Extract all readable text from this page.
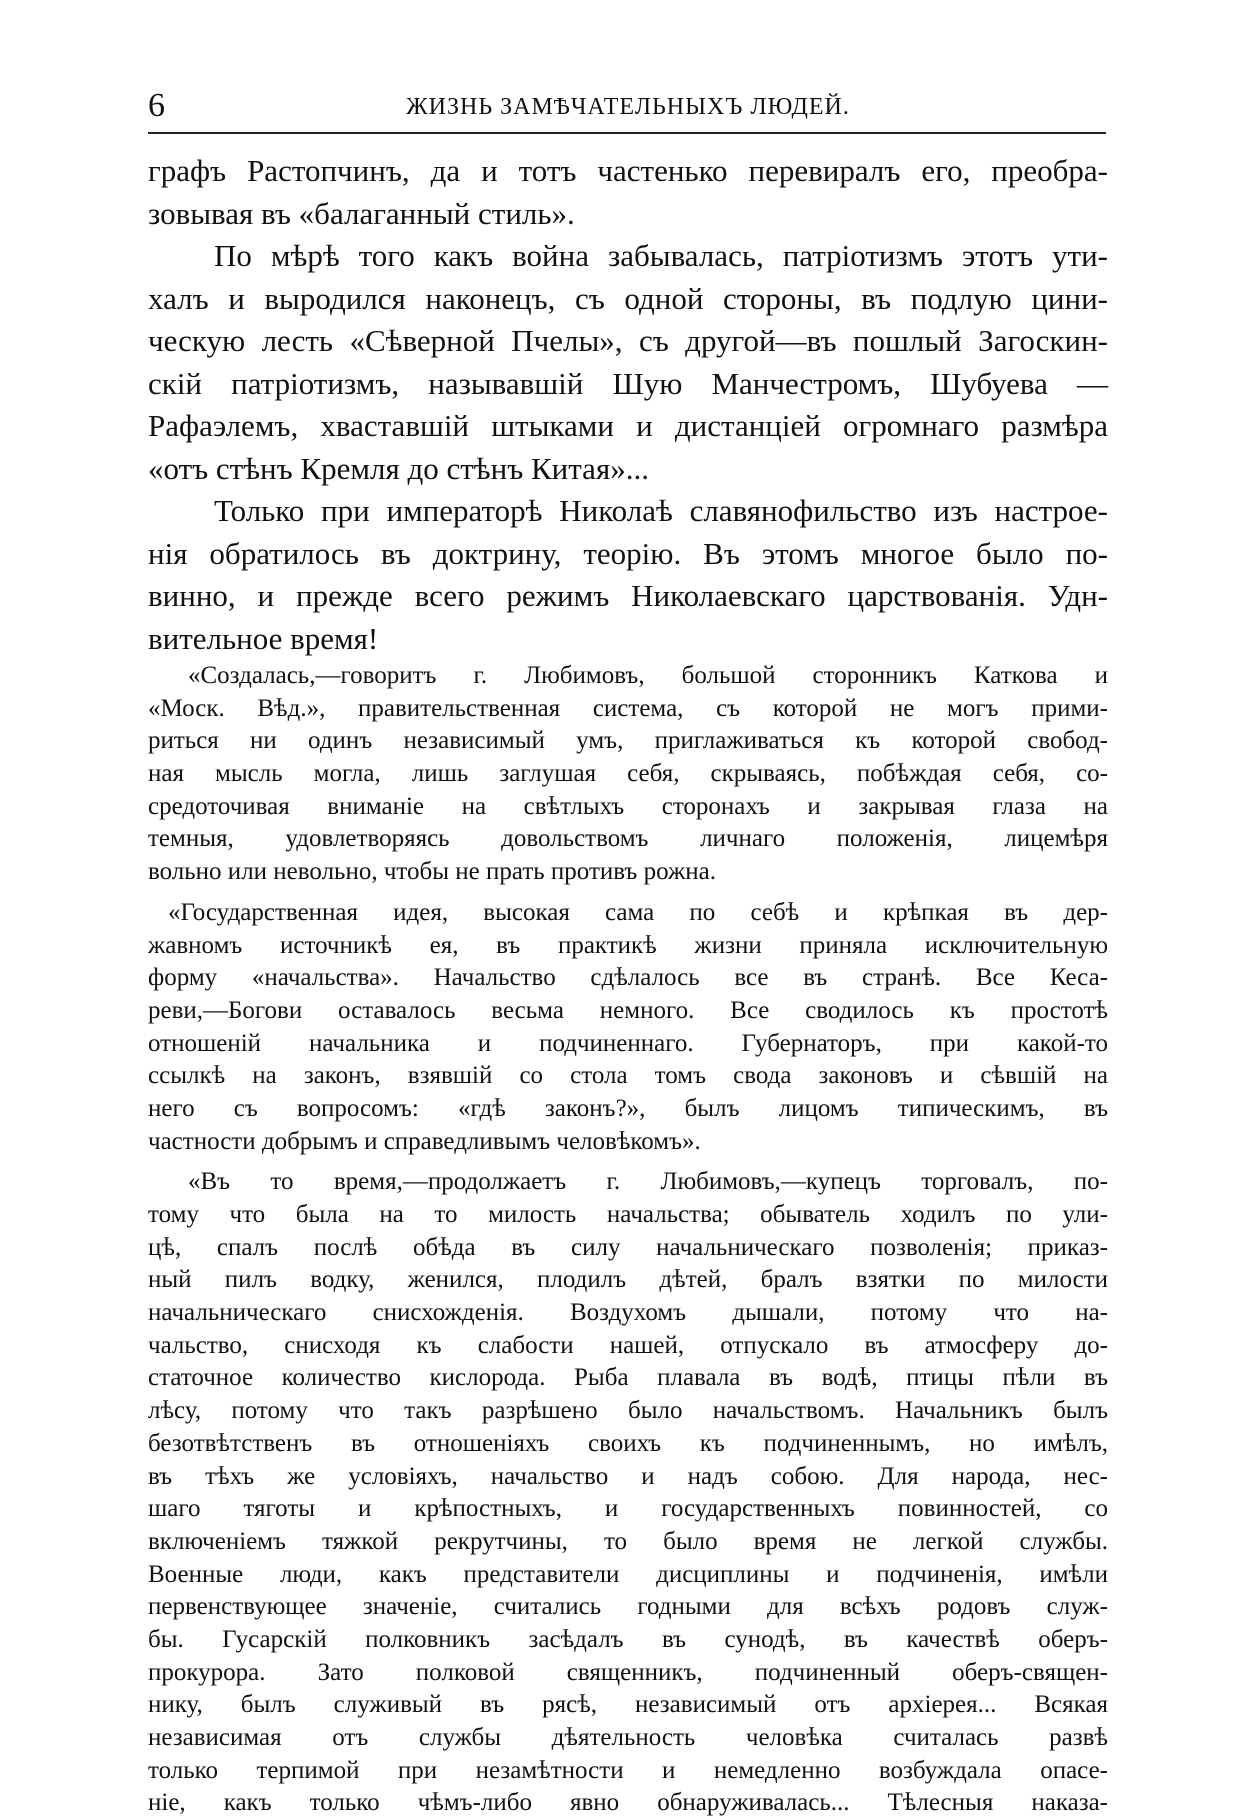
6	ЖИЗНЬ ЗАМѢЧАТЕЛЬНЫХЪ ЛЮДЕЙ.
графъ Растопчинъ, да и тотъ частенько перевиралъ его, преобра-
зовывая въ «балаганный стиль».
По мѣрѣ того какъ война забывалась, патріотизмъ этотъ ути-
халъ и выродился наконецъ, съ одной стороны, въ подлую цини-
ческую лесть «Сѣверной Пчелы», съ другой—въ пошлый Загоскин-
скій патріотизмъ, называвшій Шую Манчестромъ, Шубуева —
Рафаэлемъ, хваставшій штыками и дистанціей огромнаго размѣра
«отъ стѣнъ Кремля до стѣнъ Китая»...
Только при императорѣ Николаѣ славянофильство изъ настрое-
нія обратилось въ доктрину, теорію. Въ этомъ многое было по-
винно, и прежде всего режимъ Николаевскаго царствованія. Удн-
вительное время!
«Создалась,—говоритъ г. Любимовъ, большой сторонникъ Каткова и
«Моск. Вѣд.», правительственная система, съ которой не могъ прими-
риться ни одинъ независимый умъ, приглаживаться къ которой свобод-
ная мысль могла, лишь заглушая себя, скрываясь, побѣждая себя, со-
средоточивая вниманіе на свѣтлыхъ сторонахъ и закрывая глаза на
темныя, удовлетворяясь довольствомъ личнаго положенія, лицемѣря
вольно или невольно, чтобы не прать противъ рожна.
«Государственная идея, высокая сама по себѣ и крѣпкая въ дер-
жавномъ источникѣ ея, въ практикѣ жизни приняла исключительную
форму «начальства». Начальство сдѣлалось все въ странѣ. Все Кеса-
реви,—Богови оставалось весьма немного. Все сводилось къ простотѣ
отношеній начальника и подчиненнаго. Губернаторъ, при какой-то
ссылкѣ на законъ, взявшій со стола томъ свода законовъ и сѣвшій на
него съ вопросомъ: «гдѣ законъ?», былъ лицомъ типическимъ, въ
частности добрымъ и справедливымъ человѣкомъ».
«Въ то время,—продолжаетъ г. Любимовъ,—купецъ торговалъ, по-
тому что была на то милость начальства; обыватель ходилъ по ули-
цѣ, спалъ послѣ обѣда въ силу начальническаго позволенія; приказ-
ный пилъ водку, женился, плодилъ дѣтей, бралъ взятки по милости
начальническаго снисхожденія. Воздухомъ дышали, потому что на-
чальство, снисходя къ слабости нашей, отпускало въ атмосферу до-
статочное количество кислорода. Рыба плавала въ водѣ, птицы пѣли въ
лѣсу, потому что такъ разрѣшено было начальствомъ. Начальникъ былъ
безотвѣтственъ въ отношеніяхъ своихъ къ подчиненнымъ, но имѣлъ,
въ тѣхъ же условіяхъ, начальство и надъ собою. Для народа, нес-
шаго тяготы и крѣпостныхъ, и государственныхъ повинностей, со
включеніемъ тяжкой рекрутчины, то было время не легкой службы.
Военные люди, какъ представители дисциплины и подчиненія, имѣли
первенствующее значеніе, считались годными для всѣхъ родовъ служ-
бы. Гусарскій полковникъ засѣдалъ въ сунодѣ, въ качествѣ оберъ-
прокурора. Зато полковой священникъ, подчиненный оберъ-священ-
нику, былъ служивый въ рясѣ, независимый отъ архіерея... Всякая
независимая отъ службы дѣятельность человѣка считалась развѣ
только терпимой при незамѣтности и немедленно возбуждала опасе-
ніе, какъ только чѣмъ-либо явно обнаруживалась... Тѣлесныя наказа-
